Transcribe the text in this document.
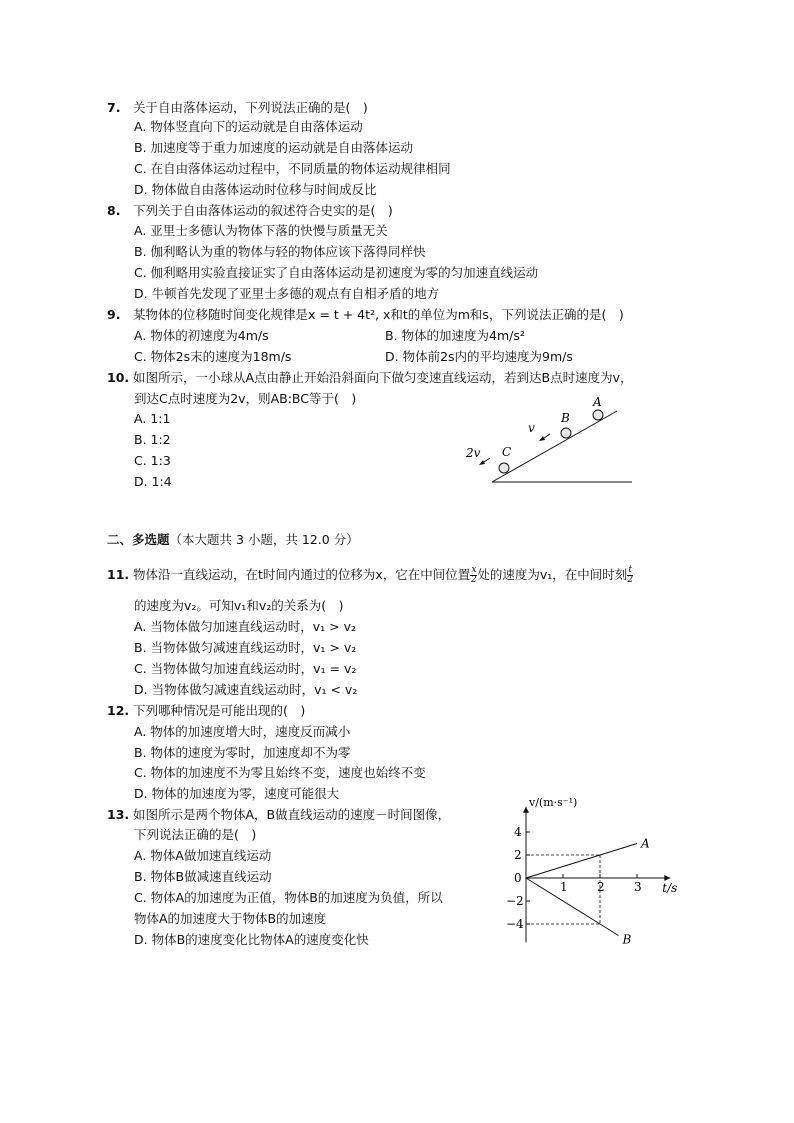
7. 关于自由落体运动，下列说法正确的是(　)
A. 物体竖直向下的运动就是自由落体运动
B. 加速度等于重力加速度的运动就是自由落体运动
C. 在自由落体运动过程中，不同质量的物体运动规律相同
D. 物体做自由落体运动时位移与时间成反比
8. 下列关于自由落体运动的叙述符合史实的是(　)
A. 亚里士多德认为物体下落的快慢与质量无关
B. 伽利略认为重的物体与轻的物体应该下落得同样快
C. 伽利略用实验直接证实了自由落体运动是初速度为零的匀加速直线运动
D. 牛顿首先发现了亚里士多德的观点有自相矛盾的地方
9. 某物体的位移随时间变化规律是x = t + 4t², x和t的单位为m和s，下列说法正确的是(　)
A. 物体的初速度为4m/s	B. 物体的加速度为4m/s²
C. 物体2s末的速度为18m/s	D. 物体前2s内的平均速度为9m/s
10. 如图所示，一小球从A点由静止开始沿斜面向下做匀变速直线运动，若到达B点时速度为v，
到达C点时速度为2v，则AB:BC等于(　)
A. 1:1
B. 1:2
C. 1:3
D. 1:4
A
B
C
v
2v
二、多选题（本大题共 3 小题，共 12.0 分）
11. 物体沿一直线运动，在t时间内通过的位移为x，它在中间位置 $\frac{x}{2}$ 处的速度为v₁，在中间时刻 $\frac{t}{2}$
的速度为v₂。可知v₁和v₂的关系为(　)
A. 当物体做匀加速直线运动时，v₁ > v₂
B. 当物体做匀减速直线运动时，v₁ > v₂
C. 当物体做匀加速直线运动时，v₁ = v₂
D. 当物体做匀减速直线运动时，v₁ < v₂
12. 下列哪种情况是可能出现的(　)
A. 物体的加速度增大时，速度反而减小
B. 物体的速度为零时，加速度却不为零
C. 物体的加速度不为零且始终不变，速度也始终不变
D. 物体的加速度为零，速度可能很大
13. 如图所示是两个物体A，B做直线运动的速度－时间图像，
下列说法正确的是(　)
A. 物体A做加速直线运动
B. 物体B做减速直线运动
C. 物体A的加速度为正值，物体B的加速度为负值，所以
物体A的加速度大于物体B的加速度
D. 物体B的速度变化比物体A的速度变化快
1 2 3
4
2
0
−2
−4
A
B
v/(m·s⁻¹)
t/s
